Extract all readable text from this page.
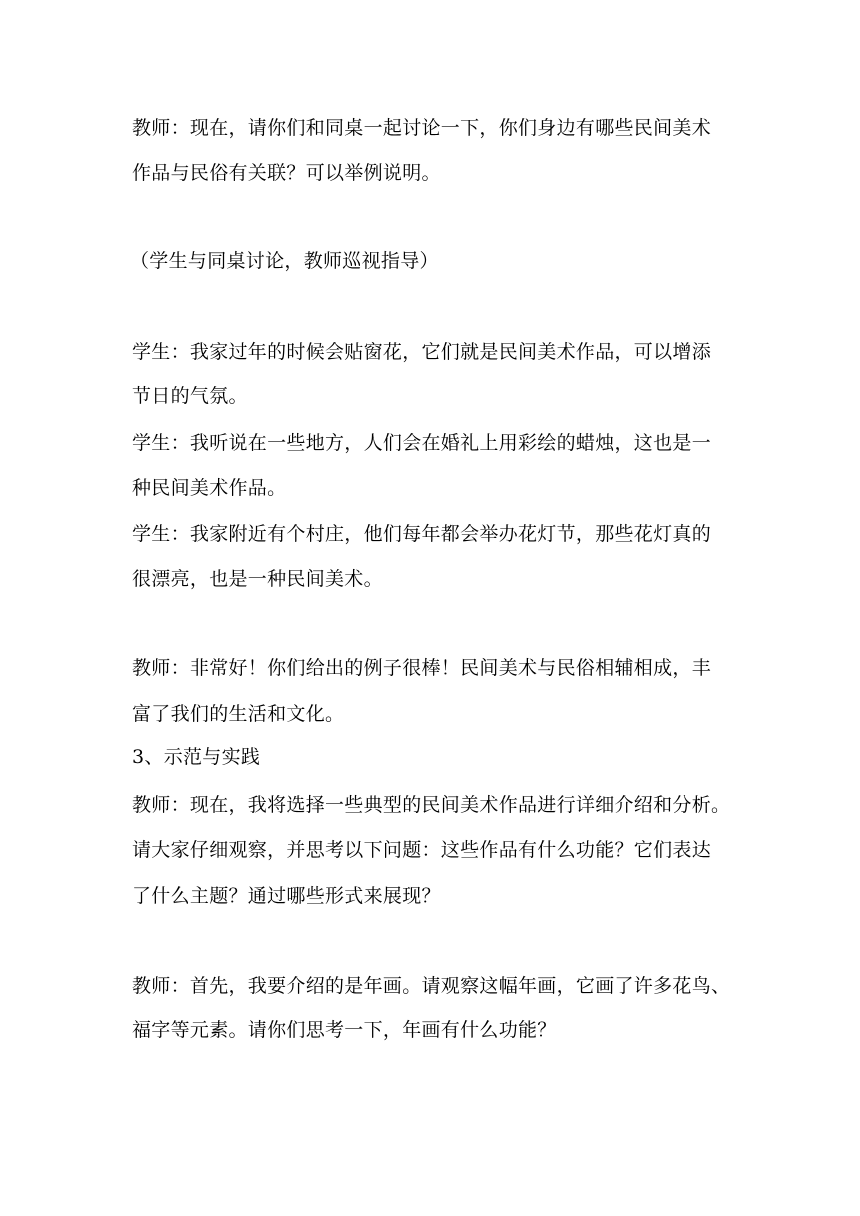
教师：现在，请你们和同桌一起讨论一下，你们身边有哪些民间美术
作品与民俗有关联？可以举例说明。
（学生与同桌讨论，教师巡视指导）
学生：我家过年的时候会贴窗花，它们就是民间美术作品，可以增添
节日的气氛。
学生：我听说在一些地方，人们会在婚礼上用彩绘的蜡烛，这也是一
种民间美术作品。
学生：我家附近有个村庄，他们每年都会举办花灯节，那些花灯真的
很漂亮，也是一种民间美术。
教师：非常好！你们给出的例子很棒！民间美术与民俗相辅相成，丰
富了我们的生活和文化。
3、示范与实践
教师：现在，我将选择一些典型的民间美术作品进行详细介绍和分析。
请大家仔细观察，并思考以下问题：这些作品有什么功能？它们表达
了什么主题？通过哪些形式来展现？
教师：首先，我要介绍的是年画。请观察这幅年画，它画了许多花鸟、
福字等元素。请你们思考一下，年画有什么功能？
